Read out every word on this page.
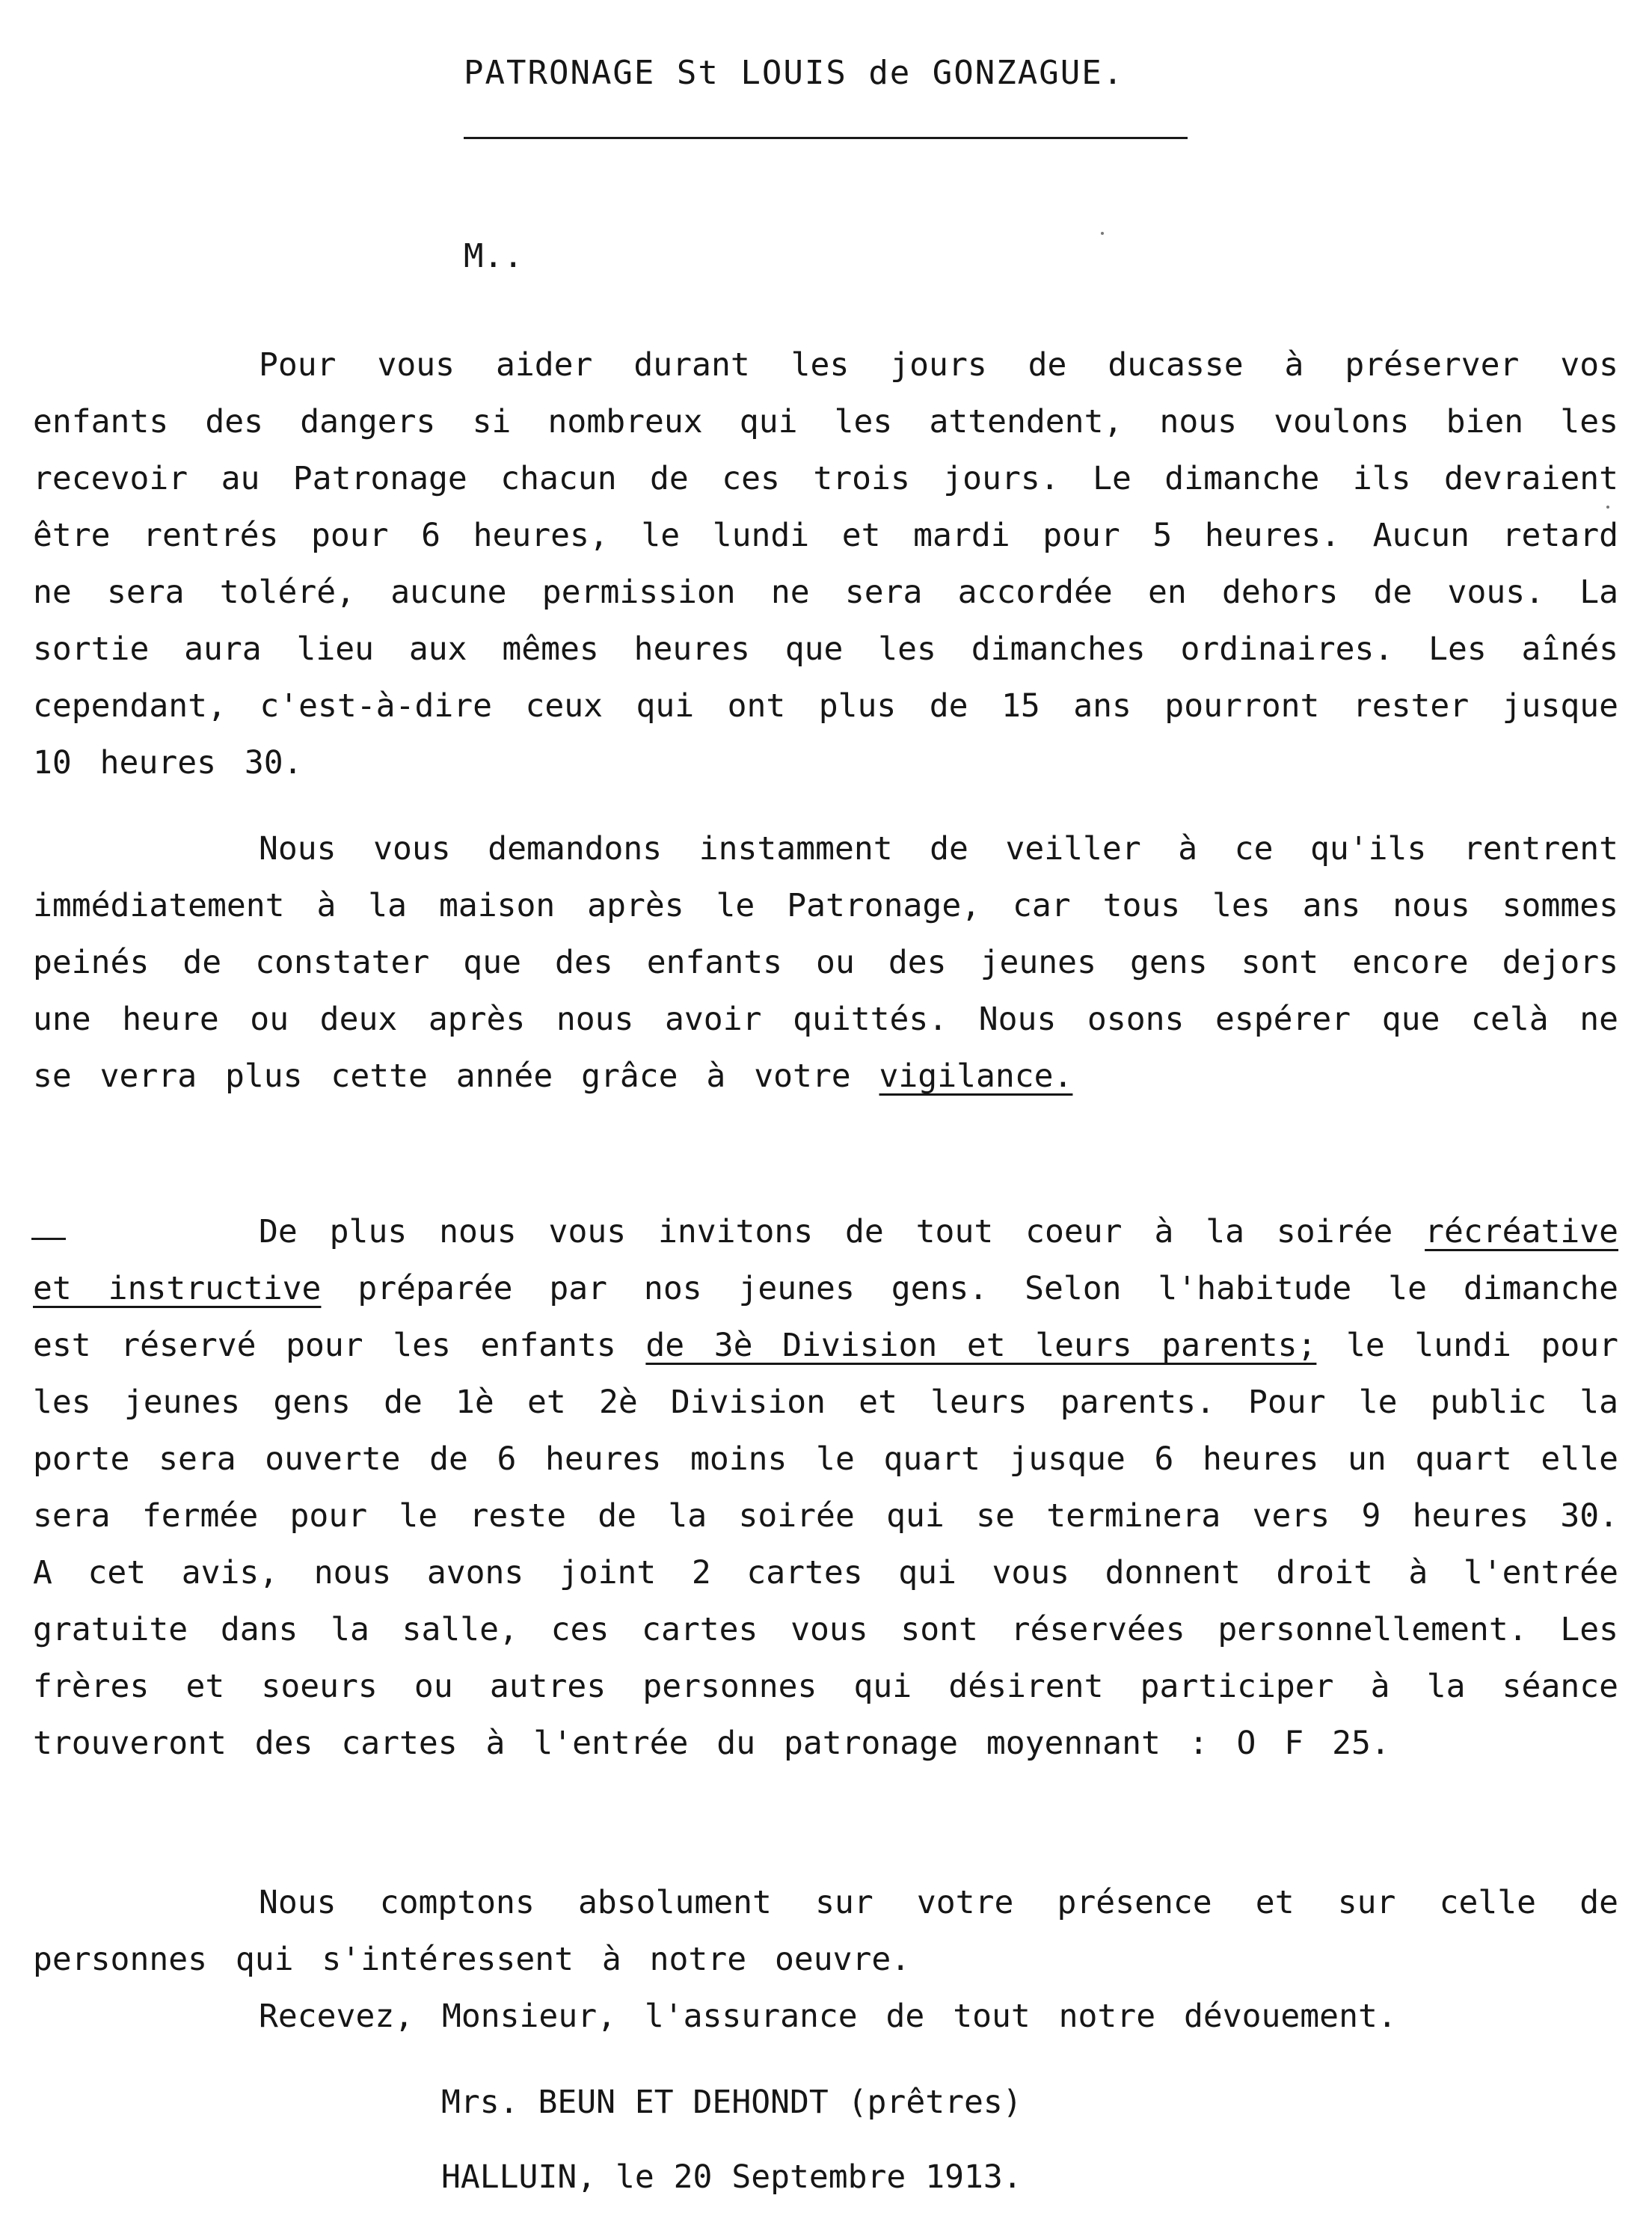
PATRONAGE St LOUIS de GONZAGUE.
M..
Pour vous aider durant les jours de ducasse à préserver vos enfants des dangers si nombreux qui les attendent, nous voulons bien les recevoir au Patronage chacun de ces trois jours. Le dimanche ils devraient être rentrés pour 6 heures, le lundi et mardi pour 5 heures. Aucun retard ne sera toléré, aucune permission ne sera accordée en dehors de vous. La sortie aura lieu aux mêmes heures que les dimanches ordinaires. Les aînés cependant, c'est-à-dire ceux qui ont plus de 15 ans pourront rester jusque 10 heures 30.
Nous vous demandons instamment de veiller à ce qu'ils rentrent immédiatement à la maison après le Patronage, car tous les ans nous sommes peinés de constater que des enfants ou des jeunes gens sont encore dejors une heure ou deux après nous avoir quittés. Nous osons espérer que celà ne se verra plus cette année grâce à votre vigilance.
De plus nous vous invitons de tout coeur à la soirée récréative et instructive préparée par nos jeunes gens. Selon l'habitude le dimanche est réservé pour les enfants de 3è Division et leurs parents; le lundi pour les jeunes gens de 1è et 2è Division et leurs parents. Pour le public la porte sera ouverte de 6 heures moins le quart jusque 6 heures un quart elle sera fermée pour le reste de la soirée qui se terminera vers 9 heures 30. A cet avis, nous avons joint 2 cartes qui vous donnent droit à l'entrée gratuite dans la salle, ces cartes vous sont réservées personnellement. Les frères et soeurs ou autres personnes qui désirent participer à la séance trouveront des cartes à l'entrée du patronage moyennant : O F 25.
Nous comptons absolument sur votre présence et sur celle de personnes qui s'intéressent à notre oeuvre.
Recevez, Monsieur, l'assurance de tout notre dévouement.
Mrs. BEUN ET DEHONDT (prêtres)
HALLUIN, le 20 Septembre 1913.
